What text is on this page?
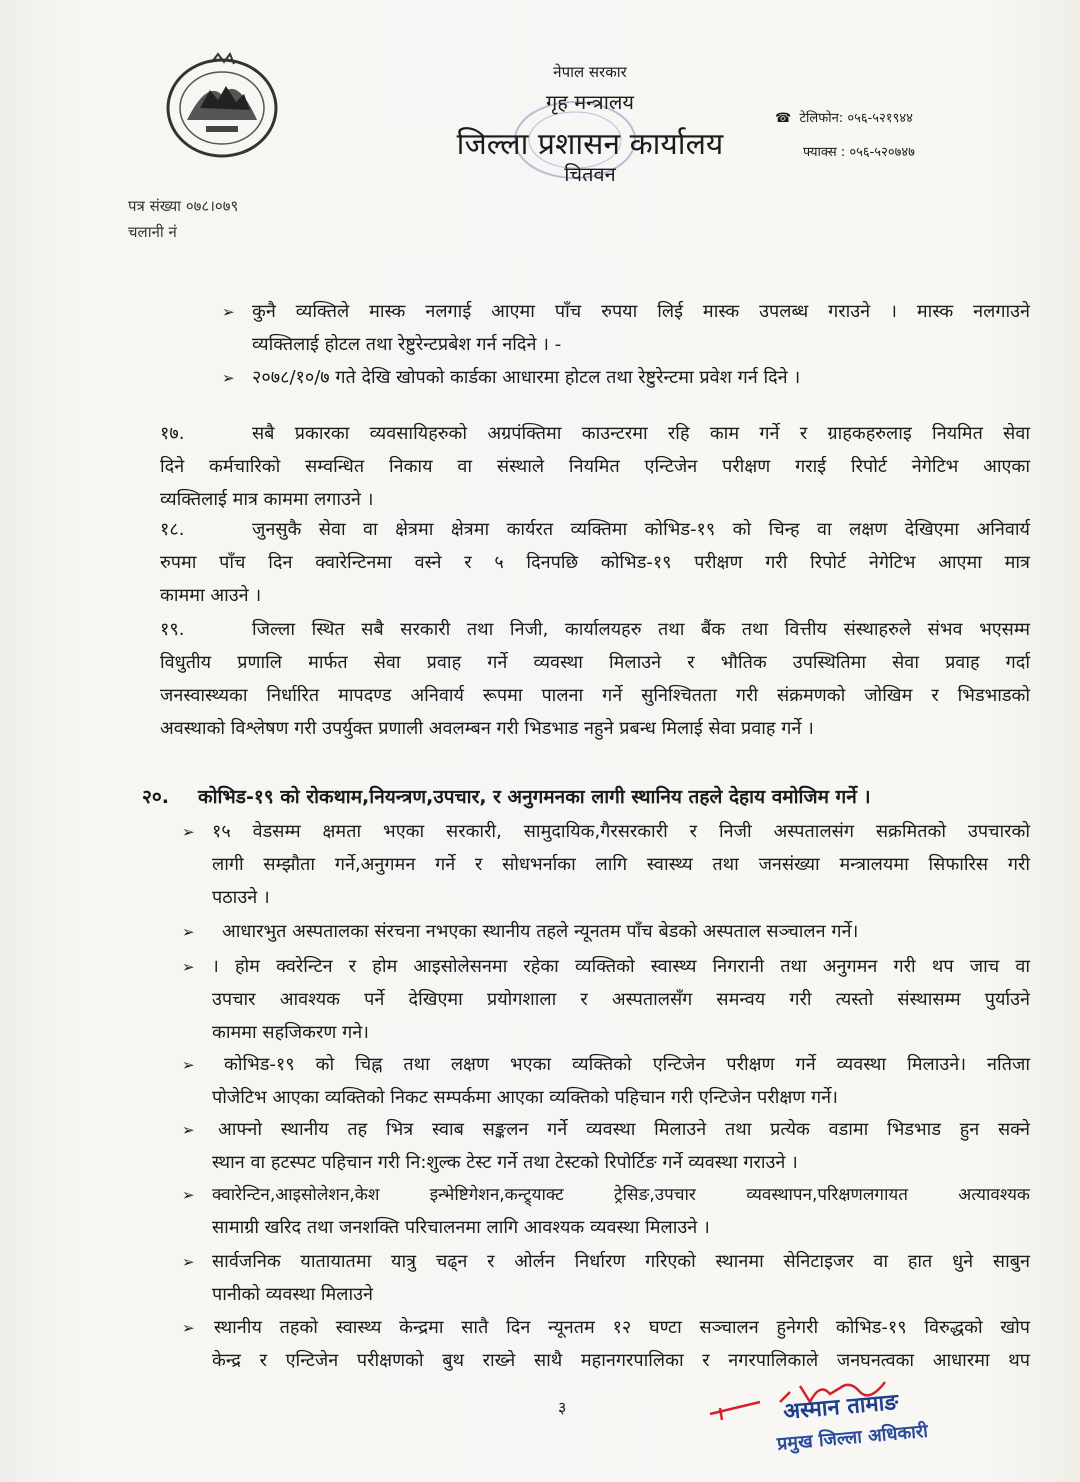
नेपाल सरकार
गृह मन्त्रालय
जिल्ला प्रशासन कार्यालय
चितवन
☎  टेलिफोन: ०५६-५२१९४४
फ्याक्स : ०५६-५२०७४७
पत्र संख्या ०७८।०७९
चलानी नं
➢ कुनै व्यक्तिले मास्क नलगाई आएमा पाँच रुपया लिई मास्क उपलब्ध गराउने । मास्क नलगाउने
व्यक्तिलाई होटल तथा रेष्टुरेन्टप्रबेश गर्न नदिने । -
➢ २०७८/१०/७ गते देखि खोपको कार्डका आधारमा होटल तथा रेष्टुरेन्टमा प्रवेश गर्न दिने ।
१७.	सबै प्रकारका व्यवसायिहरुको अग्रपंक्तिमा काउन्टरमा रहि काम गर्ने र ग्राहकहरुलाइ नियमित सेवा
दिने कर्मचारिको सम्वन्धित निकाय वा संस्थाले नियमित एन्टिजेन परीक्षण गराई रिपोर्ट नेगेटिभ आएका
व्यक्तिलाई मात्र काममा लगाउने ।
१८.	जुनसुकै सेवा वा क्षेत्रमा क्षेत्रमा कार्यरत व्यक्तिमा कोभिड-१९ को चिन्ह वा लक्षण देखिएमा अनिवार्य
रुपमा पाँच दिन क्वारेन्टिनमा वस्ने र ५ दिनपछि कोभिड-१९ परीक्षण गरी रिपोर्ट नेगेटिभ आएमा मात्र
काममा आउने ।
१९.	जिल्ला स्थित सबै सरकारी तथा निजी, कार्यालयहरु तथा बैंक तथा वित्तीय संस्थाहरुले संभव भएसम्म
विधुतीय प्रणालि मार्फत सेवा प्रवाह गर्ने व्यवस्था मिलाउने र भौतिक उपस्थितिमा सेवा प्रवाह गर्दा
जनस्वास्थ्यका निर्धारित मापदण्ड अनिवार्य रूपमा पालना गर्ने सुनिश्चितता गरी संक्रमणको जोखिम र भिडभाडको
अवस्थाको विश्लेषण गरी उपर्युक्त प्रणाली अवलम्बन गरी भिडभाड नहुने प्रबन्ध मिलाई सेवा प्रवाह गर्ने ।
२०. कोभिड-१९ को रोकथाम,नियन्त्रण,उपचार, र अनुगमनका लागी स्थानिय तहले देहाय वमोजिम गर्ने ।
➢ १५ वेडसम्म क्षमता भएका सरकारी, सामुदायिक,गैरसरकारी र निजी अस्पतालसंग सक्रमितको उपचारको
लागी सम्झौता गर्ने,अनुगमन गर्ने र सोधभर्नाका लागि स्वास्थ्य तथा जनसंख्या मन्त्रालयमा सिफारिस गरी
पठाउने ।
➢ आधारभुत अस्पतालका संरचना नभएका स्थानीय तहले न्यूनतम पाँच बेडको अस्पताल सञ्चालन गर्ने।
➢ । होम क्वरेन्टिन र होम आइसोलेसनमा रहेका व्यक्तिको स्वास्थ्य निगरानी तथा अनुगमन गरी थप जाच वा
उपचार आवश्यक पर्ने देखिएमा प्रयोगशाला र अस्पतालसँग समन्वय गरी त्यस्तो संस्थासम्म पुर्याउने
काममा सहजिकरण गने।
➢ कोभिड-१९ को चिह्न तथा लक्षण भएका व्यक्तिको एन्टिजेन परीक्षण गर्ने व्यवस्था मिलाउने। नतिजा
पोजेटिभ आएका व्यक्तिको निकट सम्पर्कमा आएका व्यक्तिको पहिचान गरी एन्टिजेन परीक्षण गर्ने।
➢ आफ्नो स्थानीय तह भित्र स्वाब सङ्कलन गर्ने व्यवस्था मिलाउने तथा प्रत्येक वडामा भिडभाड हुन सक्ने
स्थान वा हटस्पट पहिचान गरी नि:शुल्क टेस्ट गर्ने तथा टेस्टको रिपोर्टिङ गर्ने व्यवस्था गराउने ।
➢ क्वारेन्टिन,आइसोलेशन,केश इन्भेष्टिगेशन,कन्ट्र्याक्ट ट्रेसिङ,उपचार व्यवस्थापन,परिक्षणलगायत अत्यावश्यक
सामाग्री खरिद तथा जनशक्ति परिचालनमा लागि आवश्यक व्यवस्था मिलाउने ।
➢ सार्वजनिक यातायातमा यात्रु चढ्न र ओर्लन निर्धारण गरिएको स्थानमा सेनिटाइजर वा हात धुने साबुन
पानीको व्यवस्था मिलाउने
➢ स्थानीय तहको स्वास्थ्य केन्द्रमा सातै दिन न्यूनतम १२ घण्टा सञ्चालन हुनेगरी कोभिड-१९ विरुद्धको खोप
केन्द्र र एन्टिजेन परीक्षणको बुथ राख्ने साथै महानगरपालिका र नगरपालिकाले जनघनत्वका आधारमा थप
३	अस्मान तामाङ
प्रमुख जिल्ला अधिकारी
